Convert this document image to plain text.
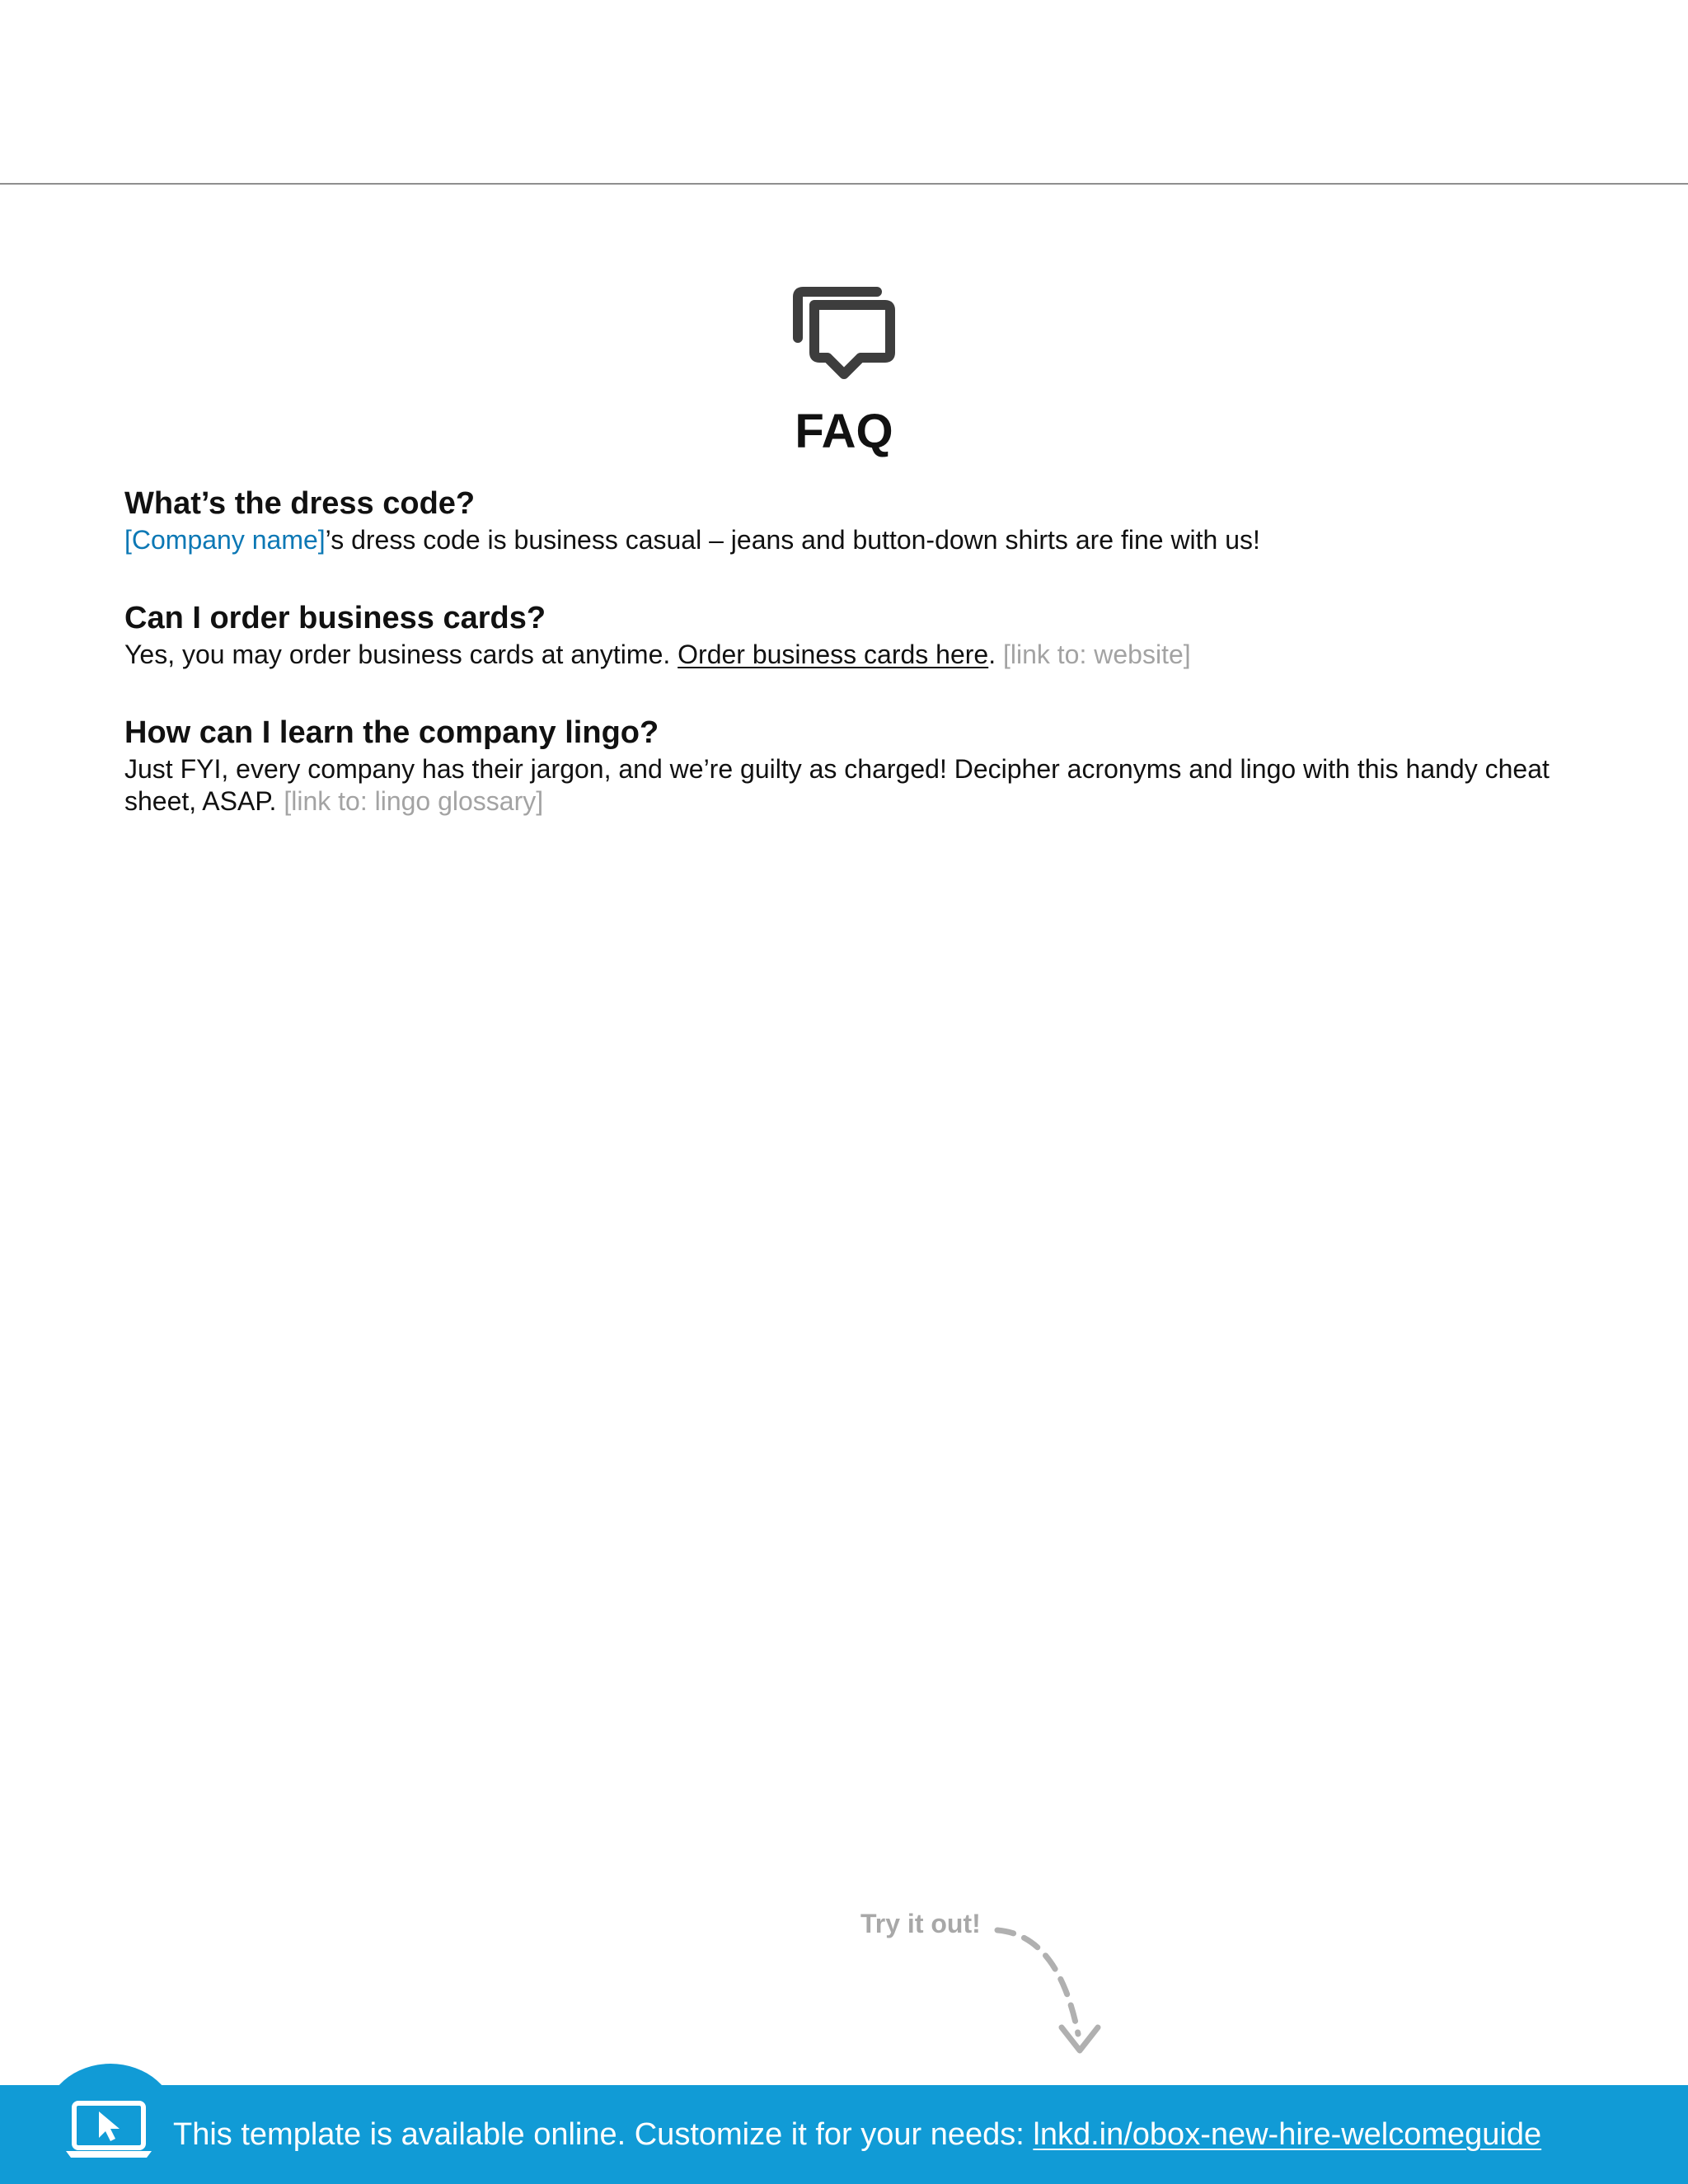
FAQ

What’s the dress code?

[Company name]’s dress code is business casual – jeans and button-down shirts are fine with us!

Can I order business cards?

Yes, you may order business cards at anytime. Order business cards here. [link to: website]

How can I learn the company lingo?

Just FYI, every company has their jargon, and we’re guilty as charged! Decipher acronyms and lingo with this handy cheat sheet, ASAP. [link to: lingo glossary]

Try it out!
This template is available online. Customize it for your needs: lnkd.in/obox-new-hire-welcomeguide
